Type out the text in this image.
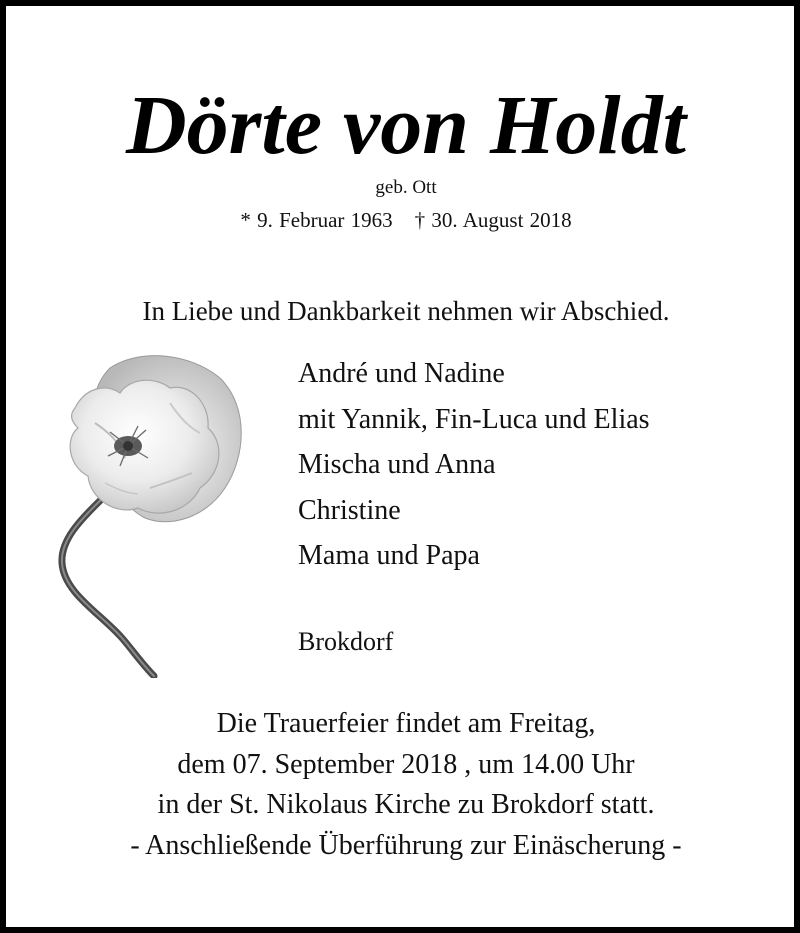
Dörte von Holdt
geb. Ott
* 9. Februar 1963 † 30. August 2018
In Liebe und Dankbarkeit nehmen wir Abschied.
André und Nadine
mit Yannik, Fin-Luca und Elias
Mischa und Anna
Christine
Mama und Papa
Brokdorf
Die Trauerfeier findet am Freitag,
dem 07. September 2018 , um 14.00 Uhr
in der St. Nikolaus Kirche zu Brokdorf statt.
- Anschließende Überführung zur Einäscherung -
